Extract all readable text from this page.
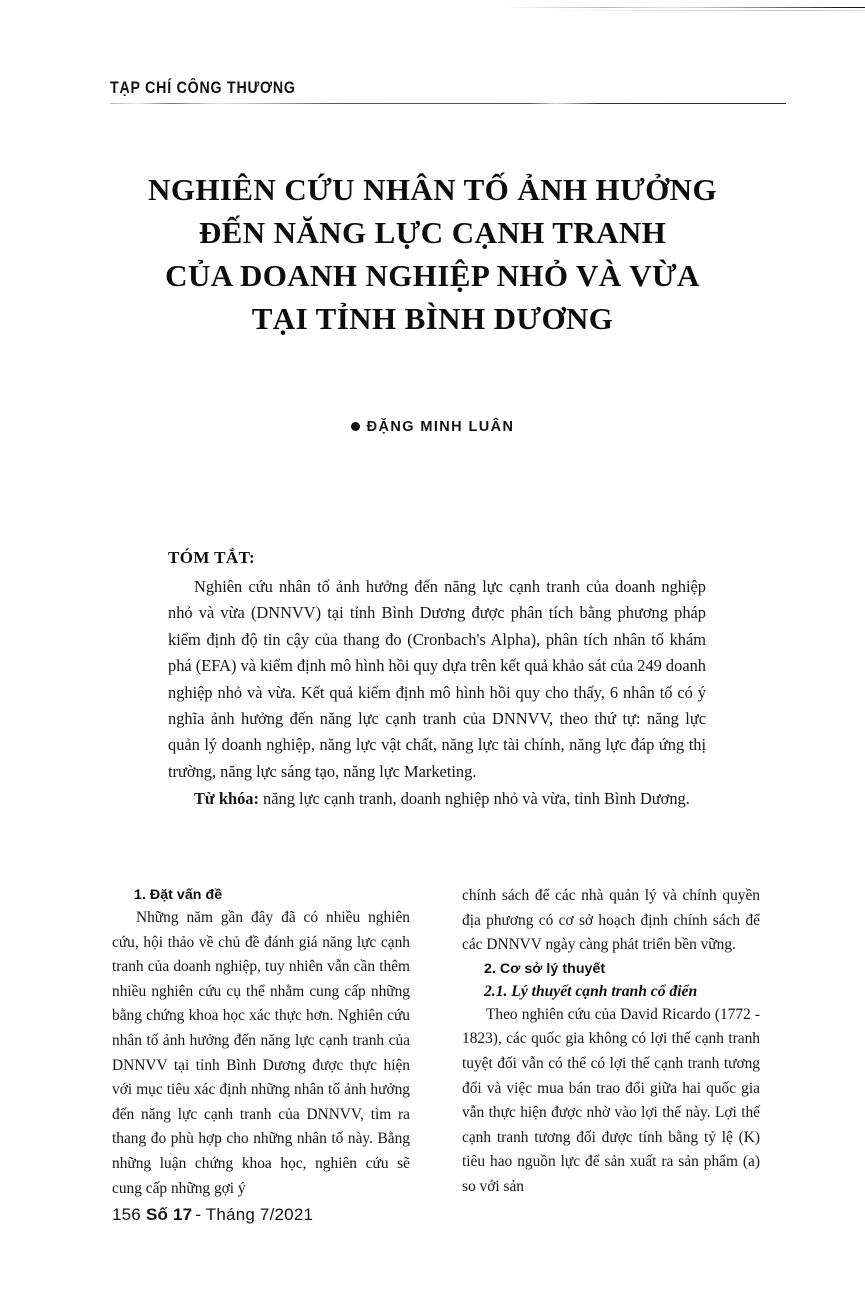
TẠP CHÍ CÔNG THƯƠNG
NGHIÊN CỨU NHÂN TỐ ẢNH HƯỞNG
ĐẾN NĂNG LỰC CẠNH TRANH
CỦA DOANH NGHIỆP NHỎ VÀ VỪA
TẠI TỈNH BÌNH DƯƠNG
ĐẶNG MINH LUÂN
TÓM TẮT:
Nghiên cứu nhân tố ảnh hưởng đến năng lực cạnh tranh của doanh nghiệp nhỏ và vừa (DNNVV) tại tỉnh Bình Dương được phân tích bằng phương pháp kiểm định độ tin cậy của thang đo (Cronbach's Alpha), phân tích nhân tố khám phá (EFA) và kiểm định mô hình hồi quy dựa trên kết quả khảo sát của 249 doanh nghiệp nhỏ và vừa. Kết quả kiểm định mô hình hồi quy cho thấy, 6 nhân tố có ý nghĩa ảnh hưởng đến năng lực cạnh tranh của DNNVV, theo thứ tự: năng lực quản lý doanh nghiệp, năng lực vật chất, năng lực tài chính, năng lực đáp ứng thị trường, năng lực sáng tạo, năng lực Marketing.
Từ khóa: năng lực cạnh tranh, doanh nghiệp nhỏ và vừa, tỉnh Bình Dương.
1. Đặt vấn đề

Những năm gần đây đã có nhiều nghiên cứu, hội thảo về chủ đề đánh giá năng lực cạnh tranh của doanh nghiệp, tuy nhiên vẫn cần thêm nhiều nghiên cứu cụ thể nhằm cung cấp những bằng chứng khoa học xác thực hơn. Nghiên cứu nhân tố ảnh hưởng đến năng lực cạnh tranh của DNNVV tại tỉnh Bình Dương được thực hiện với mục tiêu xác định những nhân tố ảnh hưởng đến năng lực cạnh tranh của DNNVV, tìm ra thang đo phù hợp cho những nhân tố này. Bằng những luận chứng khoa học, nghiên cứu sẽ cung cấp những gợi ý

chính sách để các nhà quản lý và chính quyền địa phương có cơ sở hoạch định chính sách để các DNNVV ngày càng phát triển bền vững.

2. Cơ sở lý thuyết
2.1. Lý thuyết cạnh tranh cổ điển

Theo nghiên cứu của David Ricardo (1772 - 1823), các quốc gia không có lợi thế cạnh tranh tuyệt đối vẫn có thể có lợi thế cạnh tranh tương đối và việc mua bán trao đổi giữa hai quốc gia vẫn thực hiện được nhờ vào lợi thế này. Lợi thế cạnh tranh tương đối được tính bằng tỷ lệ (K) tiêu hao nguồn lực để sản xuất ra sản phẩm (a) so với sản

156 Số 17 - Tháng 7/2021
